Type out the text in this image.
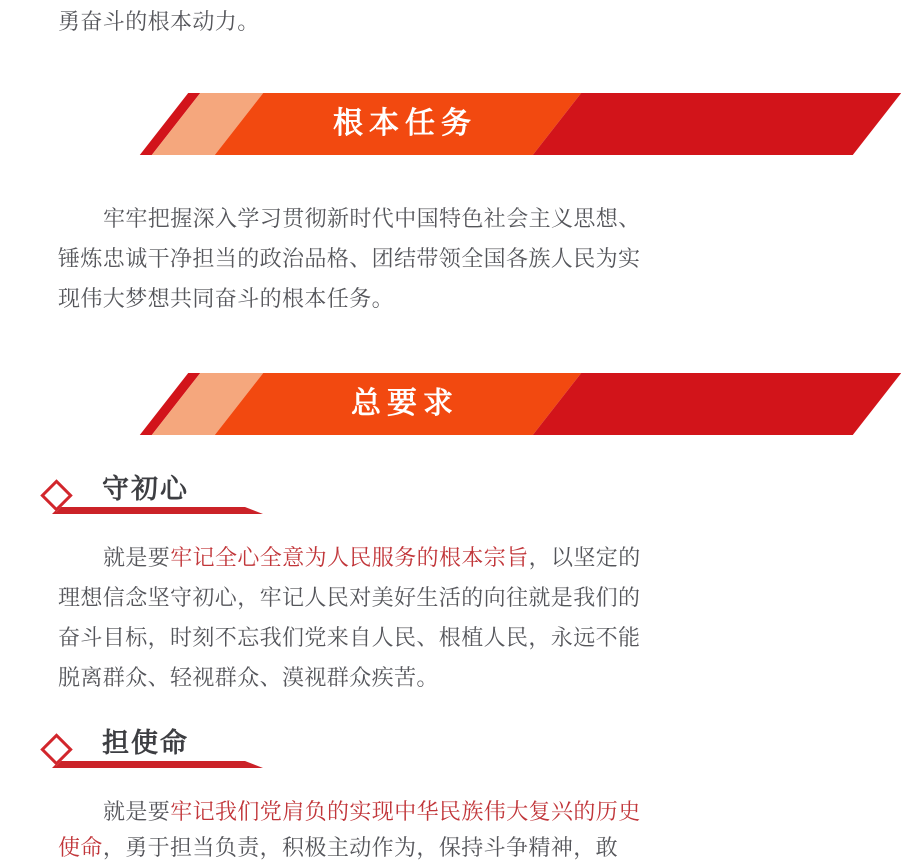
勇奋斗的根本动力。
根本任务
牢牢把握深入学习贯彻新时代中国特色社会主义思想、
锤炼忠诚干净担当的政治品格、团结带领全国各族人民为实
现伟大梦想共同奋斗的根本任务。
总要求
守初心
就是要牢记全心全意为人民服务的根本宗旨，以坚定的
理想信念坚守初心，牢记人民对美好生活的向往就是我们的
奋斗目标，时刻不忘我们党来自人民、根植人民，永远不能
脱离群众、轻视群众、漠视群众疾苦。
担使命
就是要牢记我们党肩负的实现中华民族伟大复兴的历史
使命，勇于担当负责，积极主动作为，保持斗争精神，敢
